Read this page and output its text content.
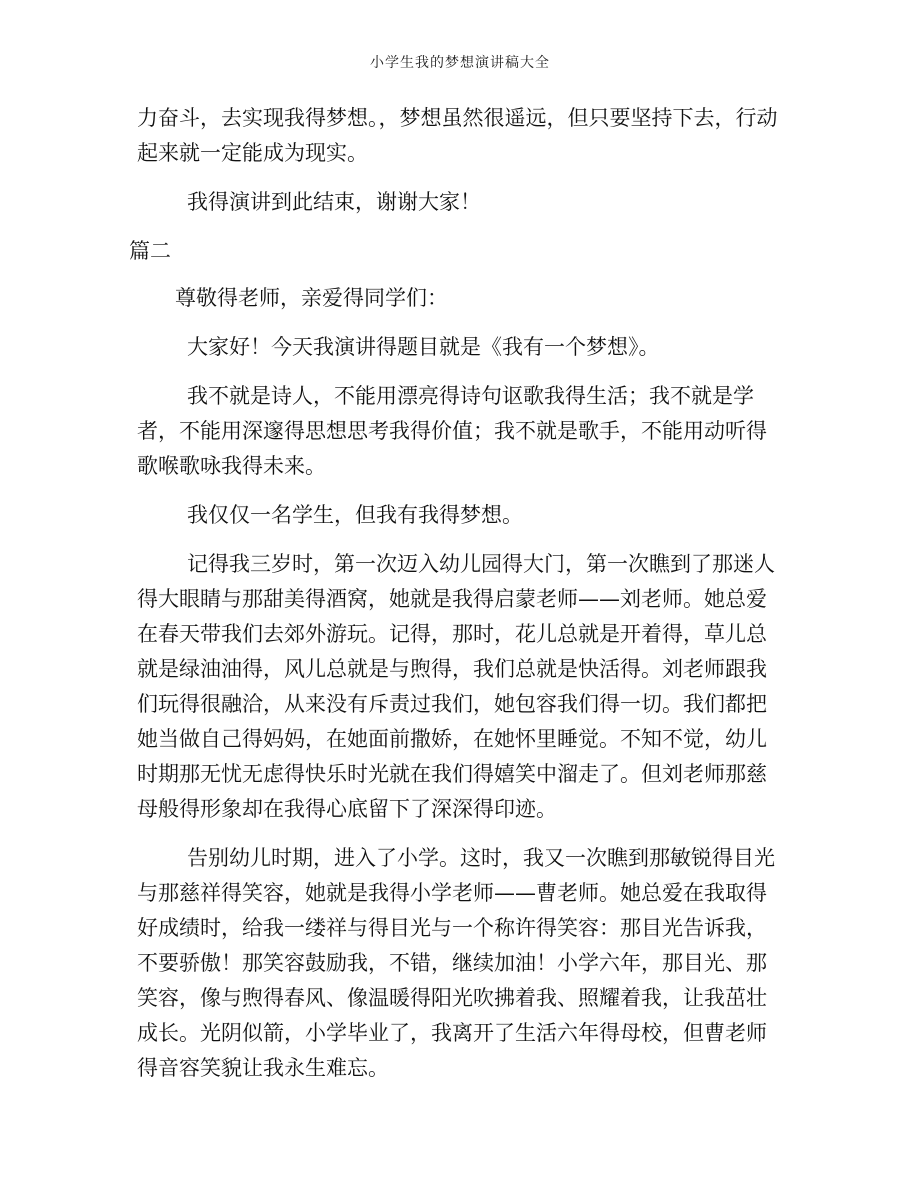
小学生我的梦想演讲稿大全

力奋斗，去实现我得梦想。，梦想虽然很遥远，但只要坚持下去，行动起来就一定能成为现实。

我得演讲到此结束，谢谢大家！

篇二

尊敬得老师，亲爱得同学们：

大家好！今天我演讲得题目就是《我有一个梦想》。

我不就是诗人，不能用漂亮得诗句讴歌我得生活；我不就是学者，不能用深邃得思想思考我得价值；我不就是歌手，不能用动听得歌喉歌咏我得未来。

我仅仅一名学生，但我有我得梦想。

记得我三岁时，第一次迈入幼儿园得大门，第一次瞧到了那迷人得大眼睛与那甜美得酒窝，她就是我得启蒙老师——刘老师。她总爱在春天带我们去郊外游玩。记得，那时，花儿总就是开着得，草儿总就是绿油油得，风儿总就是与煦得，我们总就是快活得。刘老师跟我们玩得很融洽，从来没有斥责过我们，她包容我们得一切。我们都把她当做自己得妈妈，在她面前撒娇，在她怀里睡觉。不知不觉，幼儿时期那无忧无虑得快乐时光就在我们得嬉笑中溜走了。但刘老师那慈母般得形象却在我得心底留下了深深得印迹。

告别幼儿时期，进入了小学。这时，我又一次瞧到那敏锐得目光与那慈祥得笑容，她就是我得小学老师——曹老师。她总爱在我取得好成绩时，给我一缕祥与得目光与一个称许得笑容：那目光告诉我，不要骄傲！那笑容鼓励我，不错，继续加油！小学六年，那目光、那笑容，像与煦得春风、像温暖得阳光吹拂着我、照耀着我，让我茁壮成长。光阴似箭，小学毕业了，我离开了生活六年得母校，但曹老师得音容笑貌让我永生难忘。
